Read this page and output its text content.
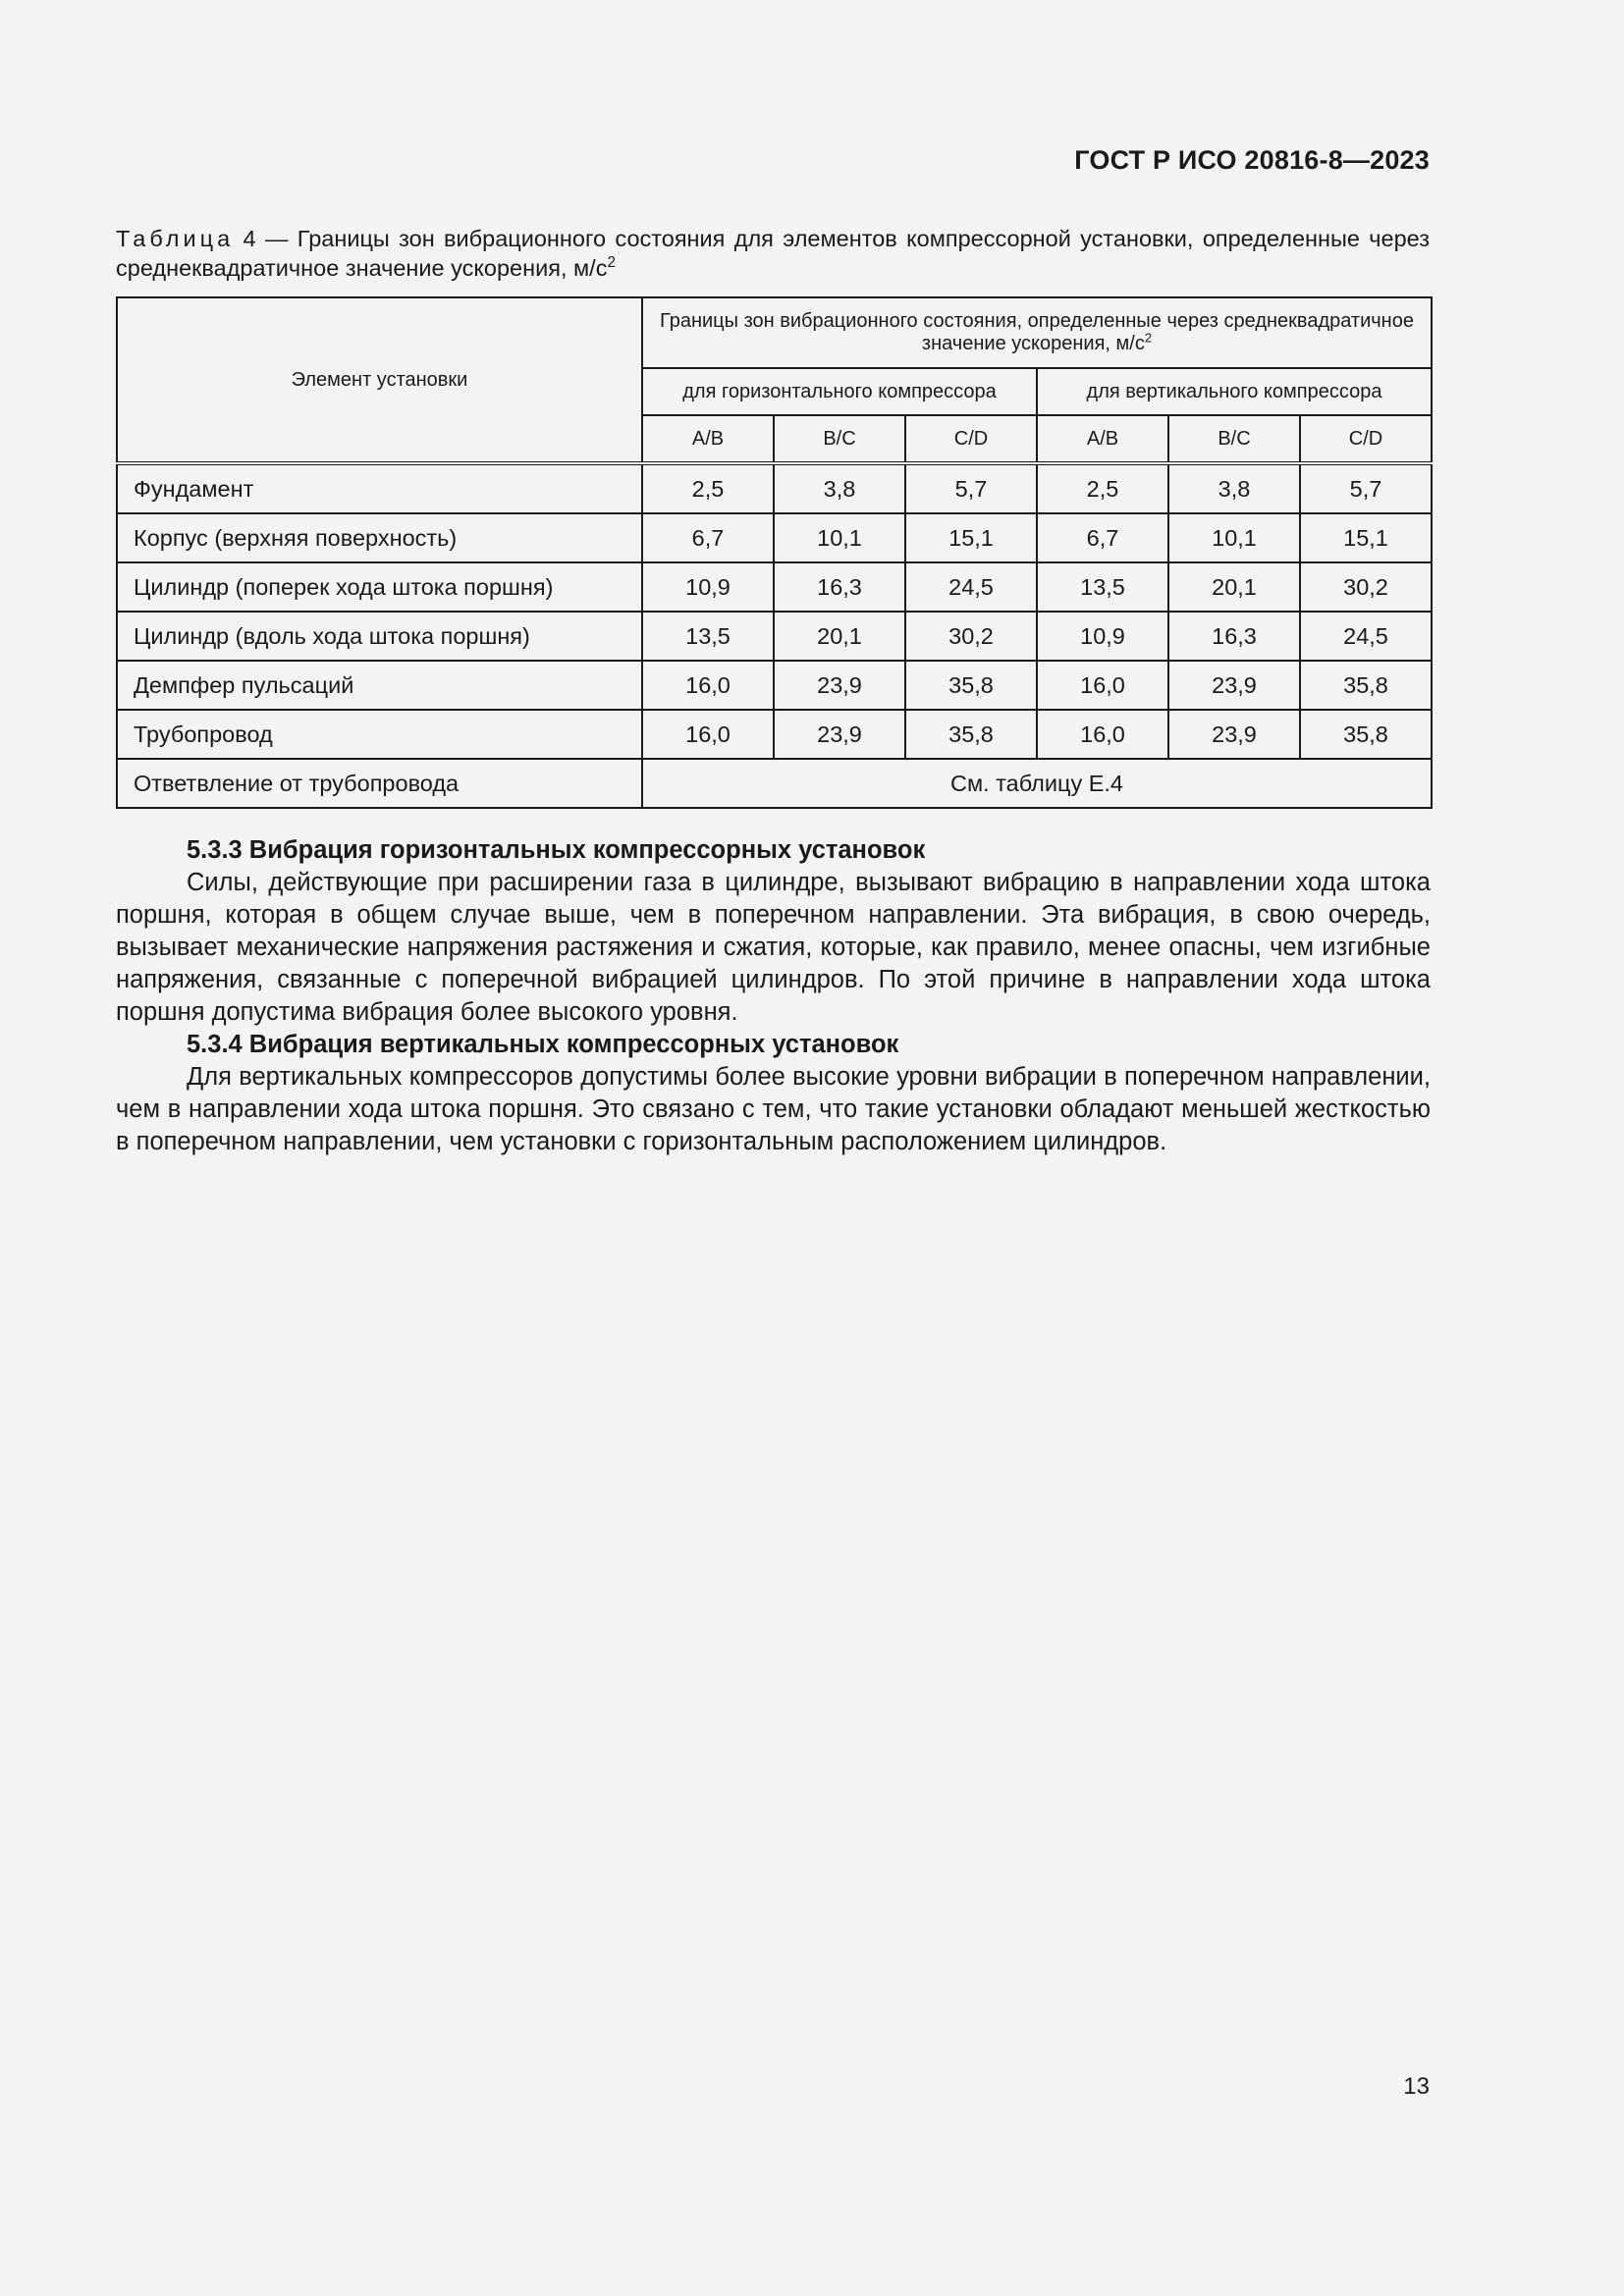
ГОСТ Р ИСО 20816-8—2023
Таблица 4 — Границы зон вибрационного состояния для элементов компрессорной установки, определенные через среднеквадратичное значение ускорения, $м/с^2$
Элемент установки	Границы зон вибрационного состояния, определенные через среднеквадратичное значение ускорения, $м/с^2$
	для горизонтального компрессора			для вертикального компрессора		
	A/B	B/C	C/D	A/B	B/C	C/D
Фундамент	2,5	3,8	5,7	2,5	3,8	5,7
Корпус (верхняя поверхность)	6,7	10,1	15,1	6,7	10,1	15,1
Цилиндр (поперек хода штока поршня)	10,9	16,3	24,5	13,5	20,1	30,2
Цилиндр (вдоль хода штока поршня)	13,5	20,1	30,2	10,9	16,3	24,5
Демпфер пульсаций	16,0	23,9	35,8	16,0	23,9	35,8
Трубопровод	16,0	23,9	35,8	16,0	23,9	35,8
Ответвление от трубопровода	См. таблицу Е.4					

5.3.3 Вибрация горизонтальных компрессорных установок

Силы, действующие при расширении газа в цилиндре, вызывают вибрацию в направлении хода штока поршня, которая в общем случае выше, чем в поперечном направлении. Эта вибрация, в свою очередь, вызывает механические напряжения растяжения и сжатия, которые, как правило, менее опасны, чем изгибные напряжения, связанные с поперечной вибрацией цилиндров. По этой причине в направлении хода штока поршня допустима вибрация более высокого уровня.

5.3.4 Вибрация вертикальных компрессорных установок

Для вертикальных компрессоров допустимы более высокие уровни вибрации в поперечном направлении, чем в направлении хода штока поршня. Это связано с тем, что такие установки обладают меньшей жесткостью в поперечном направлении, чем установки с горизонтальным расположением цилиндров.

13
